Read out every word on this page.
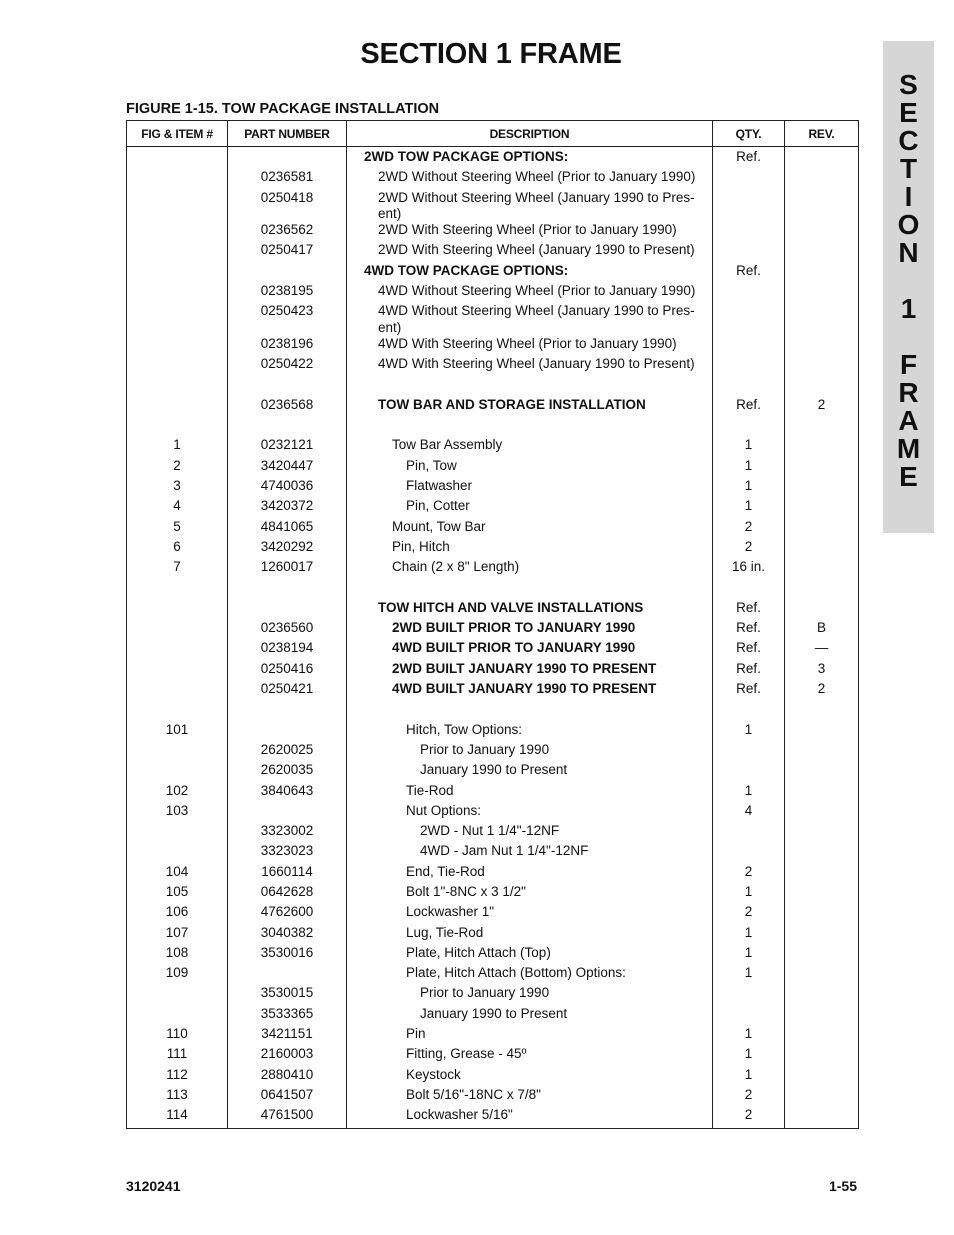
SECTION 1 FRAME
S
E
C
T
I
O
N
1
F
R
A
M
E
FIGURE 1-15. TOW PACKAGE INSTALLATION
FIG & ITEM #	PART NUMBER	DESCRIPTION	QTY.	REV.

		2WD TOW PACKAGE OPTIONS:	Ref.	
	0236581	2WD Without Steering Wheel (Prior to January 1990)		

	0250418	2WD Without Steering Wheel (January 1990 to Pres-ent)		

	0236562	2WD With Steering Wheel (Prior to January 1990)		

	0250417	2WD With Steering Wheel (January 1990 to Present)		

		4WD TOW PACKAGE OPTIONS:	Ref.	
	0238195	4WD Without Steering Wheel (Prior to January 1990)		

	0250423	4WD Without Steering Wheel (January 1990 to Pres-ent)		

	0238196	4WD With Steering Wheel (Prior to January 1990)		

	0250422	4WD With Steering Wheel (January 1990 to Present)		

	0236568	TOW BAR AND STORAGE INSTALLATION	Ref.	2

1	0232121	Tow Bar Assembly	1	
2	3420447	Pin, Tow	1	
3	4740036	Flatwasher	1	
4	3420372	Pin, Cotter	1	
5	4841065	Mount, Tow Bar	2	
6	3420292	Pin, Hitch	2	
7	1260017	Chain (2 x 8" Length)	16 in.	

		TOW HITCH AND VALVE INSTALLATIONS	Ref.	
	0236560	2WD BUILT PRIOR TO JANUARY 1990	Ref.	B
	0238194	4WD BUILT PRIOR TO JANUARY 1990	Ref.	—
	0250416	2WD BUILT JANUARY 1990 TO PRESENT	Ref.	3
	0250421	4WD BUILT JANUARY 1990 TO PRESENT	Ref.	2

101		Hitch, Tow Options:	1	
	2620025	Prior to January 1990		

	2620035	January 1990 to Present		

102	3840643	Tie-Rod	1	
103		Nut Options:	4	
	3323002	2WD - Nut 1 1/4"-12NF		

	3323023	4WD - Jam Nut 1 1/4"-12NF		

104	1660114	End, Tie-Rod	2	
105	0642628	Bolt 1"-8NC x 3 1/2"	1	
106	4762600	Lockwasher 1"	2	
107	3040382	Lug, Tie-Rod	1	
108	3530016	Plate, Hitch Attach (Top)	1	
109		Plate, Hitch Attach (Bottom) Options:	1	
	3530015	Prior to January 1990		

	3533365	January 1990 to Present		

110	3421151	Pin	1	
111	2160003	Fitting, Grease - 45º	1	
112	2880410	Keystock	1	
113	0641507	Bolt 5/16"-18NC x 7/8"	2	
114	4761500	Lockwasher 5/16"	2	
3120241	1-55
